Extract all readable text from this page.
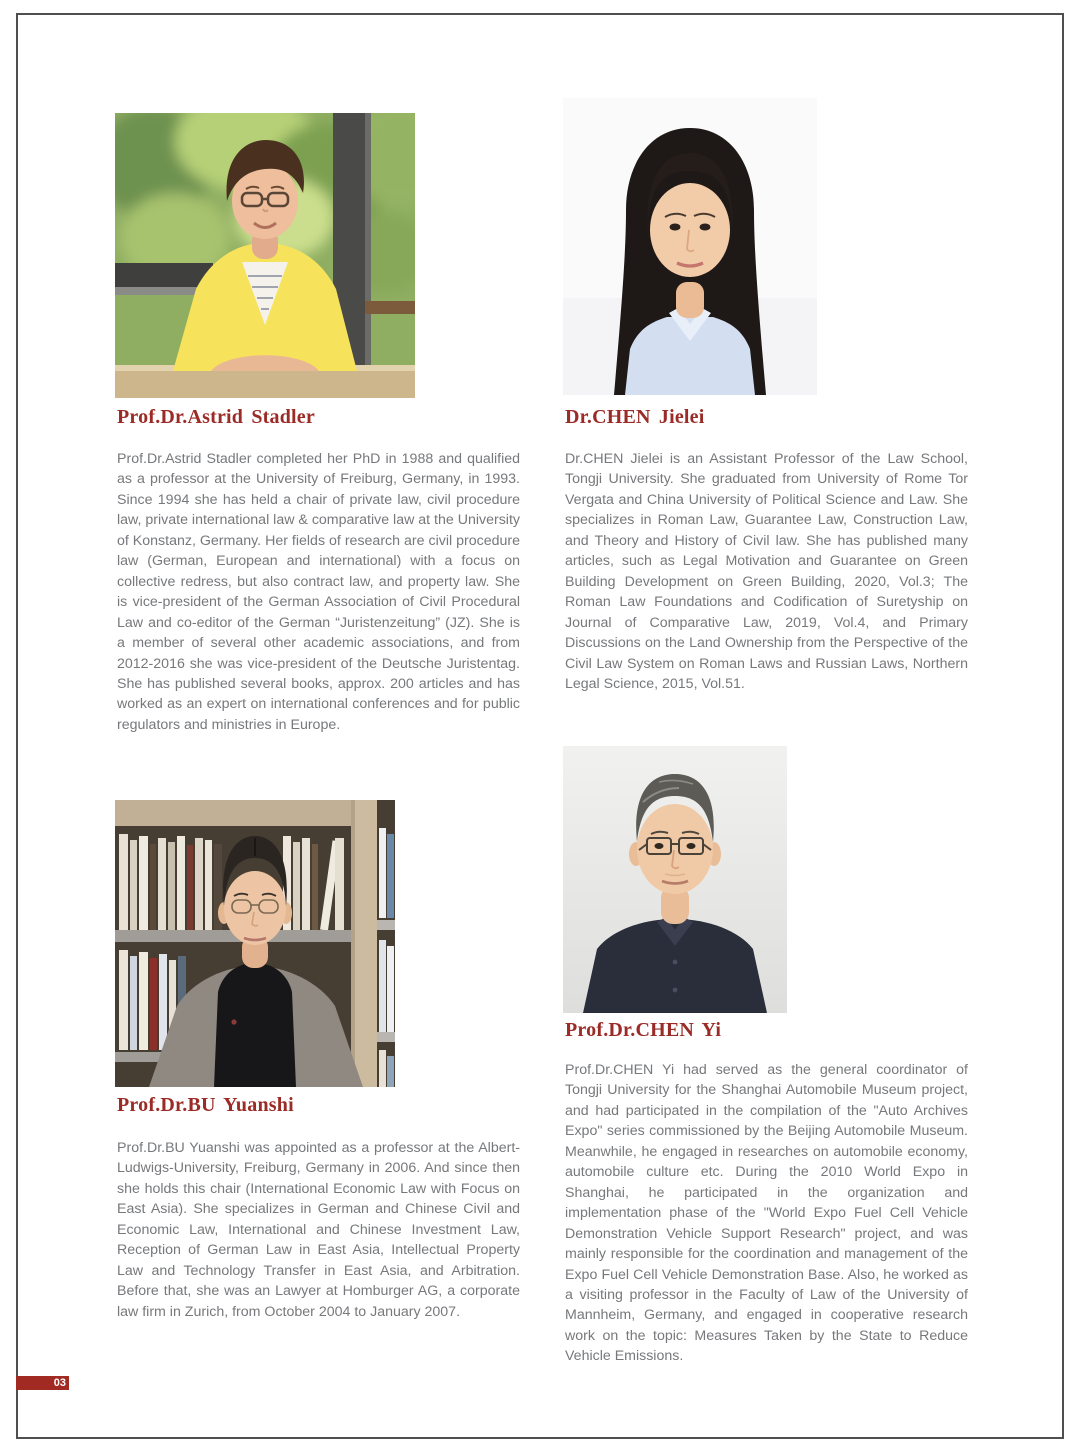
Prof.Dr.Astrid Stadler

Prof.Dr.Astrid Stadler completed her PhD in 1988 and qualified as a professor at the University of Freiburg, Germany, in 1993. Since 1994 she has held a chair of private law, civil procedure law, private international law & comparative law at the University of Konstanz, Germany. Her fields of research are civil procedure law (German, European and international) with a focus on collective redress, but also contract law, and property law. She is vice-president of the German Association of Civil Procedural Law and co-editor of the German “Juristenzeitung” (JZ). She is a member of several other academic associations, and from 2012-2016 she was vice-president of the Deutsche Juristentag. She has published several books, approx. 200 articles and has worked as an expert on international conferences and for public regulators and ministries in Europe.

Dr.CHEN Jielei

Dr.CHEN Jielei is an Assistant Professor of the Law School, Tongji University. She graduated from University of Rome Tor Vergata and China University of Political Science and Law. She specializes in Roman Law, Guarantee Law, Construction Law, and Theory and History of Civil law. She has published many articles, such as Legal Motivation and Guarantee on Green Building Development on Green Building, 2020, Vol.3; The Roman Law Foundations and Codification of Suretyship on Journal of Comparative Law, 2019, Vol.4, and Primary Discussions on the Land Ownership from the Perspective of the Civil Law System on Roman Laws and Russian Laws, Northern Legal Science, 2015, Vol.51.

Prof.Dr.BU Yuanshi

Prof.Dr.BU Yuanshi was appointed as a professor at the Albert-Ludwigs-University, Freiburg, Germany in 2006. And since then she holds this chair (International Economic Law with Focus on East Asia). She specializes in German and Chinese Civil and Economic Law, International and Chinese Investment Law, Reception of German Law in East Asia, Intellectual Property Law and Technology Transfer in East Asia, and Arbitration. Before that, she was an Lawyer at Homburger AG, a corporate law firm in Zurich, from October 2004 to January 2007.

Prof.Dr.CHEN Yi

Prof.Dr.CHEN Yi had served as the general coordinator of Tongji University for the Shanghai Automobile Museum project, and had participated in the compilation of the "Auto Archives Expo" series commissioned by the Beijing Automobile Museum. Meanwhile, he engaged in researches on automobile economy, automobile culture etc. During the 2010 World Expo in Shanghai, he participated in the organization and implementation phase of the "World Expo Fuel Cell Vehicle Demonstration Vehicle Support Research" project, and was mainly responsible for the coordination and management of the Expo Fuel Cell Vehicle Demonstration Base. Also, he worked as a visiting professor in the Faculty of Law of the University of Mannheim, Germany, and engaged in cooperative research work on the topic: Measures Taken by the State to Reduce Vehicle Emissions.

03
